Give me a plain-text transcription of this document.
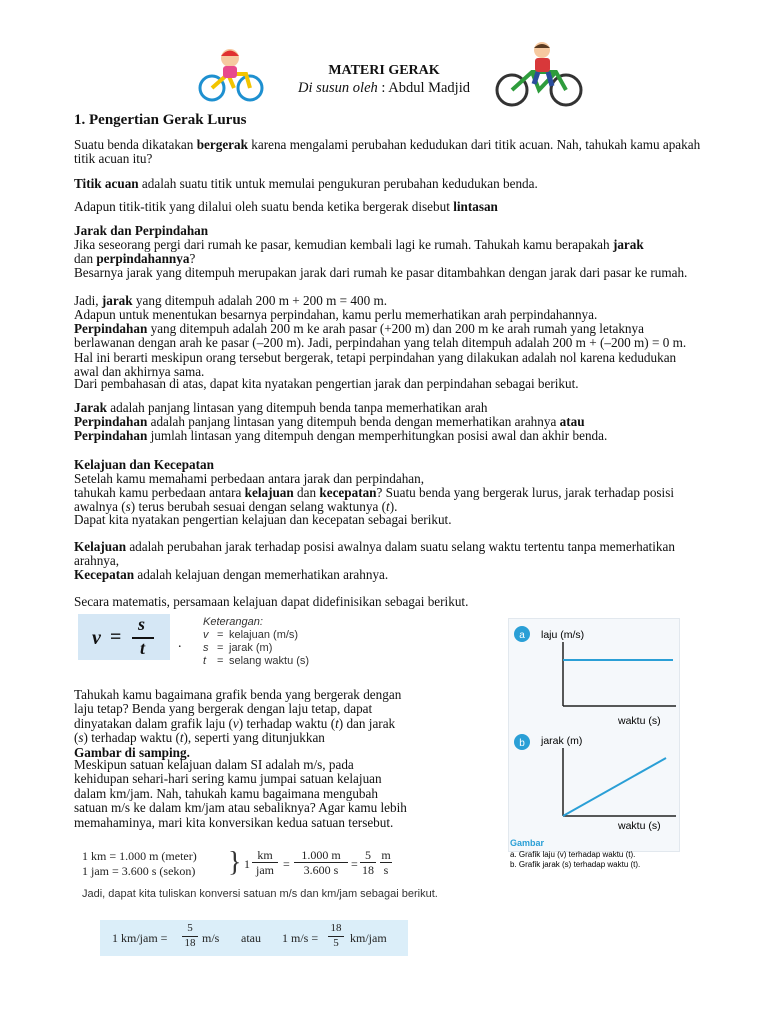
MATERI GERAK
Di susun oleh : Abdul Madjid
1. Pengertian Gerak Lurus

Suatu benda dikatakan bergerak karena mengalami perubahan kedudukan dari titik acuan. Nah, tahukah kamu apakah titik acuan itu?

Titik acuan adalah suatu titik untuk memulai pengukuran perubahan kedudukan benda.

Adapun titik-titik yang dilalui oleh suatu benda ketika bergerak disebut lintasan

Jarak dan Perpindahan

Jika seseorang pergi dari rumah ke pasar, kemudian kembali lagi ke rumah. Tahukah kamu berapakah jarak
dan perpindahannya?

Besarnya jarak yang ditempuh merupakan jarak dari rumah ke pasar ditambahkan dengan jarak dari pasar ke rumah.

Jadi, jarak yang ditempuh adalah 200 m + 200 m = 400 m.

Adapun untuk menentukan besarnya perpindahan, kamu perlu memerhatikan arah perpindahannya.

Perpindahan yang ditempuh adalah 200 m ke arah pasar (+200 m) dan 200 m ke arah rumah yang letaknya berlawanan dengan arah ke pasar (–200 m). Jadi, perpindahan yang telah ditempuh adalah 200 m + (–200 m) = 0 m. Hal ini berarti meskipun orang tersebut bergerak, tetapi perpindahan yang dilakukan adalah nol karena kedudukan awal dan akhirnya sama.

Dari pembahasan di atas, dapat kita nyatakan pengertian jarak dan perpindahan sebagai berikut.

Jarak adalah panjang lintasan yang ditempuh benda tanpa memerhatikan arah

Perpindahan adalah panjang lintasan yang ditempuh benda dengan memerhatikan arahnya atau

Perpindahan jumlah lintasan yang ditempuh dengan memperhitungkan posisi awal dan akhir benda.

Kelajuan dan Kecepatan

Setelah kamu memahami perbedaan antara jarak dan perpindahan,

tahukah kamu perbedaan antara kelajuan dan kecepatan? Suatu benda yang bergerak lurus, jarak terhadap posisi awalnya (s) terus berubah sesuai dengan selang waktunya (t).

Dapat kita nyatakan pengertian kelajuan dan kecepatan sebagai berikut.

Kelajuan adalah perubahan jarak terhadap posisi awalnya dalam suatu selang waktu tertentu tanpa memerhatikan arahnya,

Kecepatan adalah kelajuan dengan memerhatikan arahnya.

Secara matematis, persamaan kelajuan dapat didefinisikan sebagai berikut.

v =
s
t .
Keterangan:
v = kelajuan (m/s)
s = jarak (m)
t = selang waktu (s)

Tahukah kamu bagaimana grafik benda yang bergerak dengan laju tetap? Benda yang bergerak dengan laju tetap, dapat dinyatakan dalam grafik laju (v) terhadap waktu (t) dan jarak (s) terhadap waktu (t), seperti yang ditunjukkan
Gambar di samping.

Meskipun satuan kelajuan dalam SI adalah m/s, pada kehidupan sehari-hari sering kamu jumpai satuan kelajuan dalam km/jam. Nah, tahukah kamu bagaimana mengubah satuan m/s ke dalam km/jam atau sebaliknya? Agar kamu lebih memahaminya, mari kita konversikan kedua satuan tersebut.

a laju (m/s)
waktu (s)
b jarak (m)
waktu (s)
Gambar
a. Grafik laju (v) terhadap waktu (t).
b. Grafik jarak (s) terhadap waktu (t).
1 km = 1.000 m (meter)
1 jam = 3.600 s (sekon) } 1
km
jam =
1.000 m
3.600 s	=
5
18
m
s

Jadi, dapat kita tuliskan konversi satuan m/s dan km/jam sebagai berikut.

1 km/jam =
5
18 m/s atau 1 m/s =
18
5 km/jam
